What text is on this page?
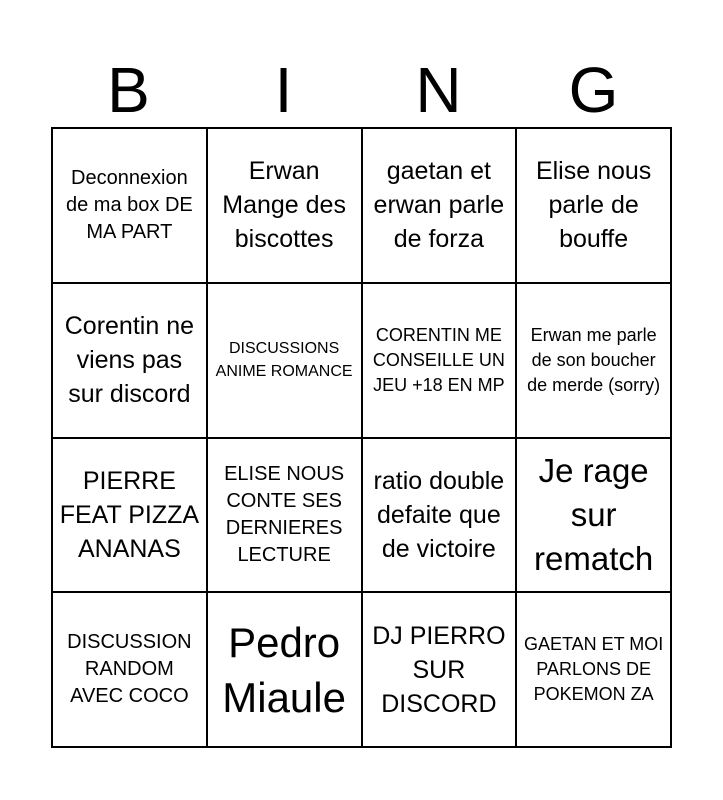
B	I	N	G
Deconnexion de ma box DE MA PART
Erwan Mange des biscottes
gaetan et erwan parle de forza
Elise nous parle de bouffe
Corentin ne viens pas sur discord
DISCUSSIONS ANIME ROMANCE
CORENTIN ME CONSEILLE UN JEU +18 EN MP
Erwan me parle de son boucher de merde (sorry)
PIERRE FEAT PIZZA ANANAS
ELISE NOUS CONTE SES DERNIERES LECTURE
ratio double defaite que de victoire
Je rage sur rematch
DISCUSSION RANDOM AVEC COCO
Pedro Miaule
DJ PIERRO SUR DISCORD
GAETAN ET MOI PARLONS DE POKEMON ZA
